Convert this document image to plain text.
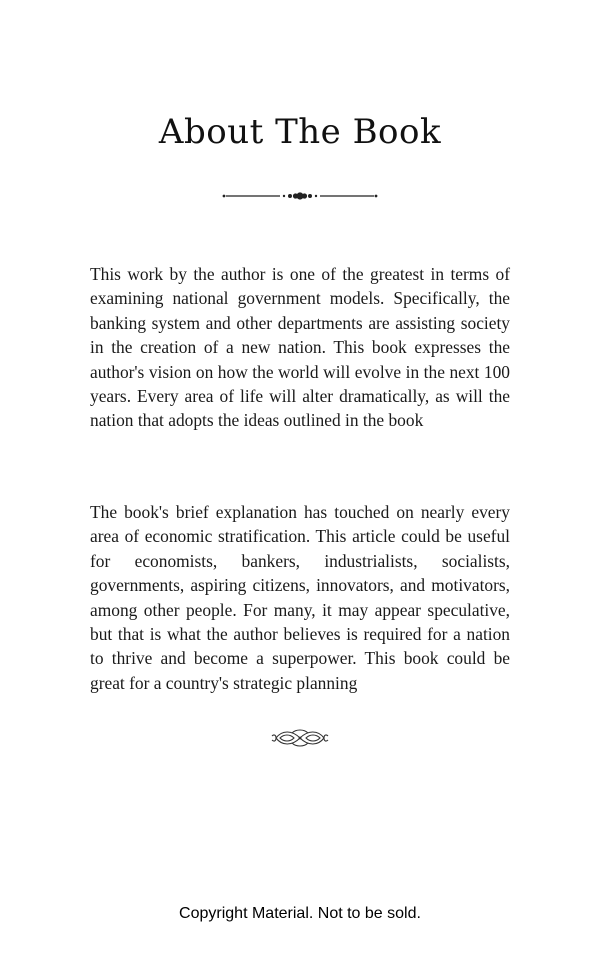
About The Book

This work by the author is one of the greatest in terms of examining national government models. Specifically, the banking system and other departments are assisting society in the creation of a new nation. This book expresses the author's vision on how the world will evolve in the next 100 years. Every area of life will alter dramatically, as will the nation that adopts the ideas outlined in the book

The book's brief explanation has touched on nearly every area of economic stratification. This article could be useful for economists, bankers, industrialists, socialists, governments, aspiring citizens, innovators, and motivators, among other people. For many, it may appear speculative, but that is what the author believes is required for a nation to thrive and become a superpower. This book could be great for a country's strategic planning

Copyright Material. Not to be sold.
